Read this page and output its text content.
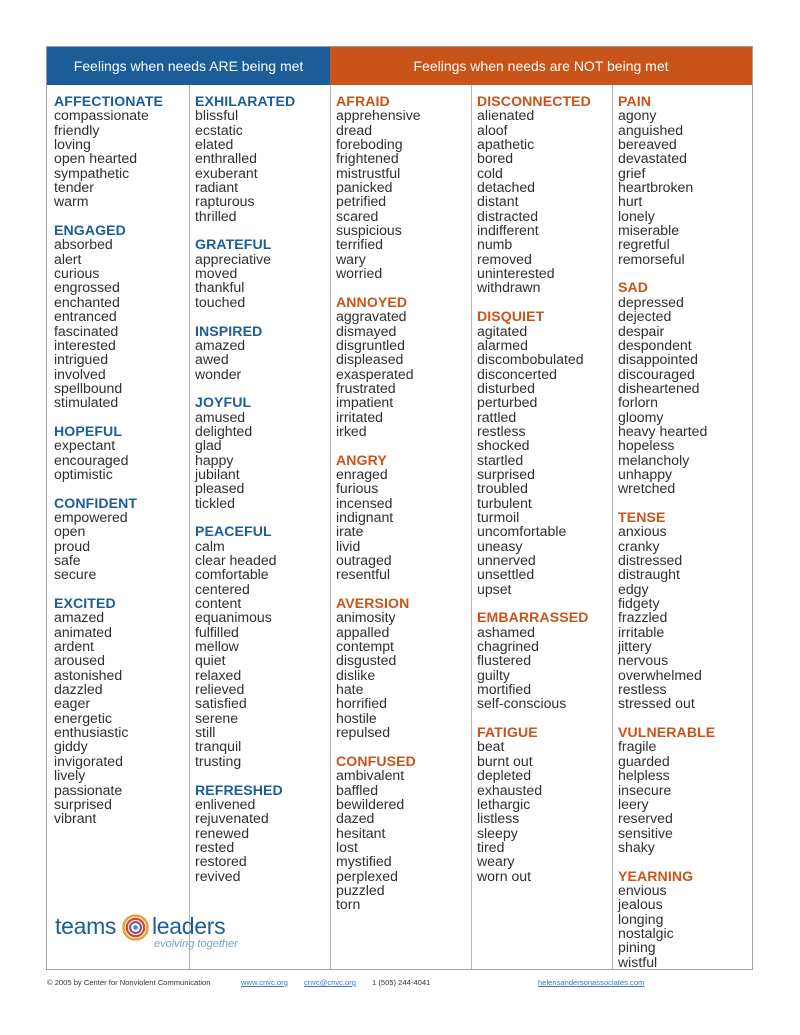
Feelings when needs ARE being met	Feelings when needs are NOT being met
AFFECTIONATE
compassionate
friendly
loving
open hearted
sympathetic
tender
warm
ENGAGED
absorbed
alert
curious
engrossed
enchanted
entranced
fascinated
interested
intrigued
involved
spellbound
stimulated
HOPEFUL
expectant
encouraged
optimistic
CONFIDENT
empowered
open
proud
safe
secure
EXCITED
amazed
animated
ardent
aroused
astonished
dazzled
eager
energetic
enthusiastic
giddy
invigorated
lively
passionate
surprised
vibrant
EXHILARATED
blissful
ecstatic
elated
enthralled
exuberant
radiant
rapturous
thrilled
GRATEFUL
appreciative
moved
thankful
touched
INSPIRED
amazed
awed
wonder
JOYFUL
amused
delighted
glad
happy
jubilant
pleased
tickled
PEACEFUL
calm
clear headed
comfortable
centered
content
equanimous
fulfilled
mellow
quiet
relaxed
relieved
satisfied
serene
still
tranquil
trusting
REFRESHED
enlivened
rejuvenated
renewed
rested
restored
revived
AFRAID
apprehensive
dread
foreboding
frightened
mistrustful
panicked
petrified
scared
suspicious
terrified
wary
worried
ANNOYED
aggravated
dismayed
disgruntled
displeased
exasperated
frustrated
impatient
irritated
irked
ANGRY
enraged
furious
incensed
indignant
irate
livid
outraged
resentful
AVERSION
animosity
appalled
contempt
disgusted
dislike
hate
horrified
hostile
repulsed
CONFUSED
ambivalent
baffled
bewildered
dazed
hesitant
lost
mystified
perplexed
puzzled
torn
DISCONNECTED
alienated
aloof
apathetic
bored
cold
detached
distant
distracted
indifferent
numb
removed
uninterested
withdrawn
DISQUIET
agitated
alarmed
discombobulated
disconcerted
disturbed
perturbed
rattled
restless
shocked
startled
surprised
troubled
turbulent
turmoil
uncomfortable
uneasy
unnerved
unsettled
upset
EMBARRASSED
ashamed
chagrined
flustered
guilty
mortified
self-conscious
FATIGUE
beat
burnt out
depleted
exhausted
lethargic
listless
sleepy
tired
weary
worn out
PAIN
agony
anguished
bereaved
devastated
grief
heartbroken
hurt
lonely
miserable
regretful
remorseful
SAD
depressed
dejected
despair
despondent
disappointed
discouraged
disheartened
forlorn
gloomy
heavy hearted
hopeless
melancholy
unhappy
wretched
TENSE
anxious
cranky
distressed
distraught
edgy
fidgety
frazzled
irritable
jittery
nervous
overwhelmed
restless
stressed out
VULNERABLE
fragile
guarded
helpless
insecure
leery
reserved
sensitive
shaky
YEARNING
envious
jealous
longing
nostalgic
pining
wistful
teams leaders
evolving together
© 2005 by Center for Nonviolent Communication	www.cnvc.org cnvc@cnvc.org 1 (505) 244-4041	helensandersonassociates.com
